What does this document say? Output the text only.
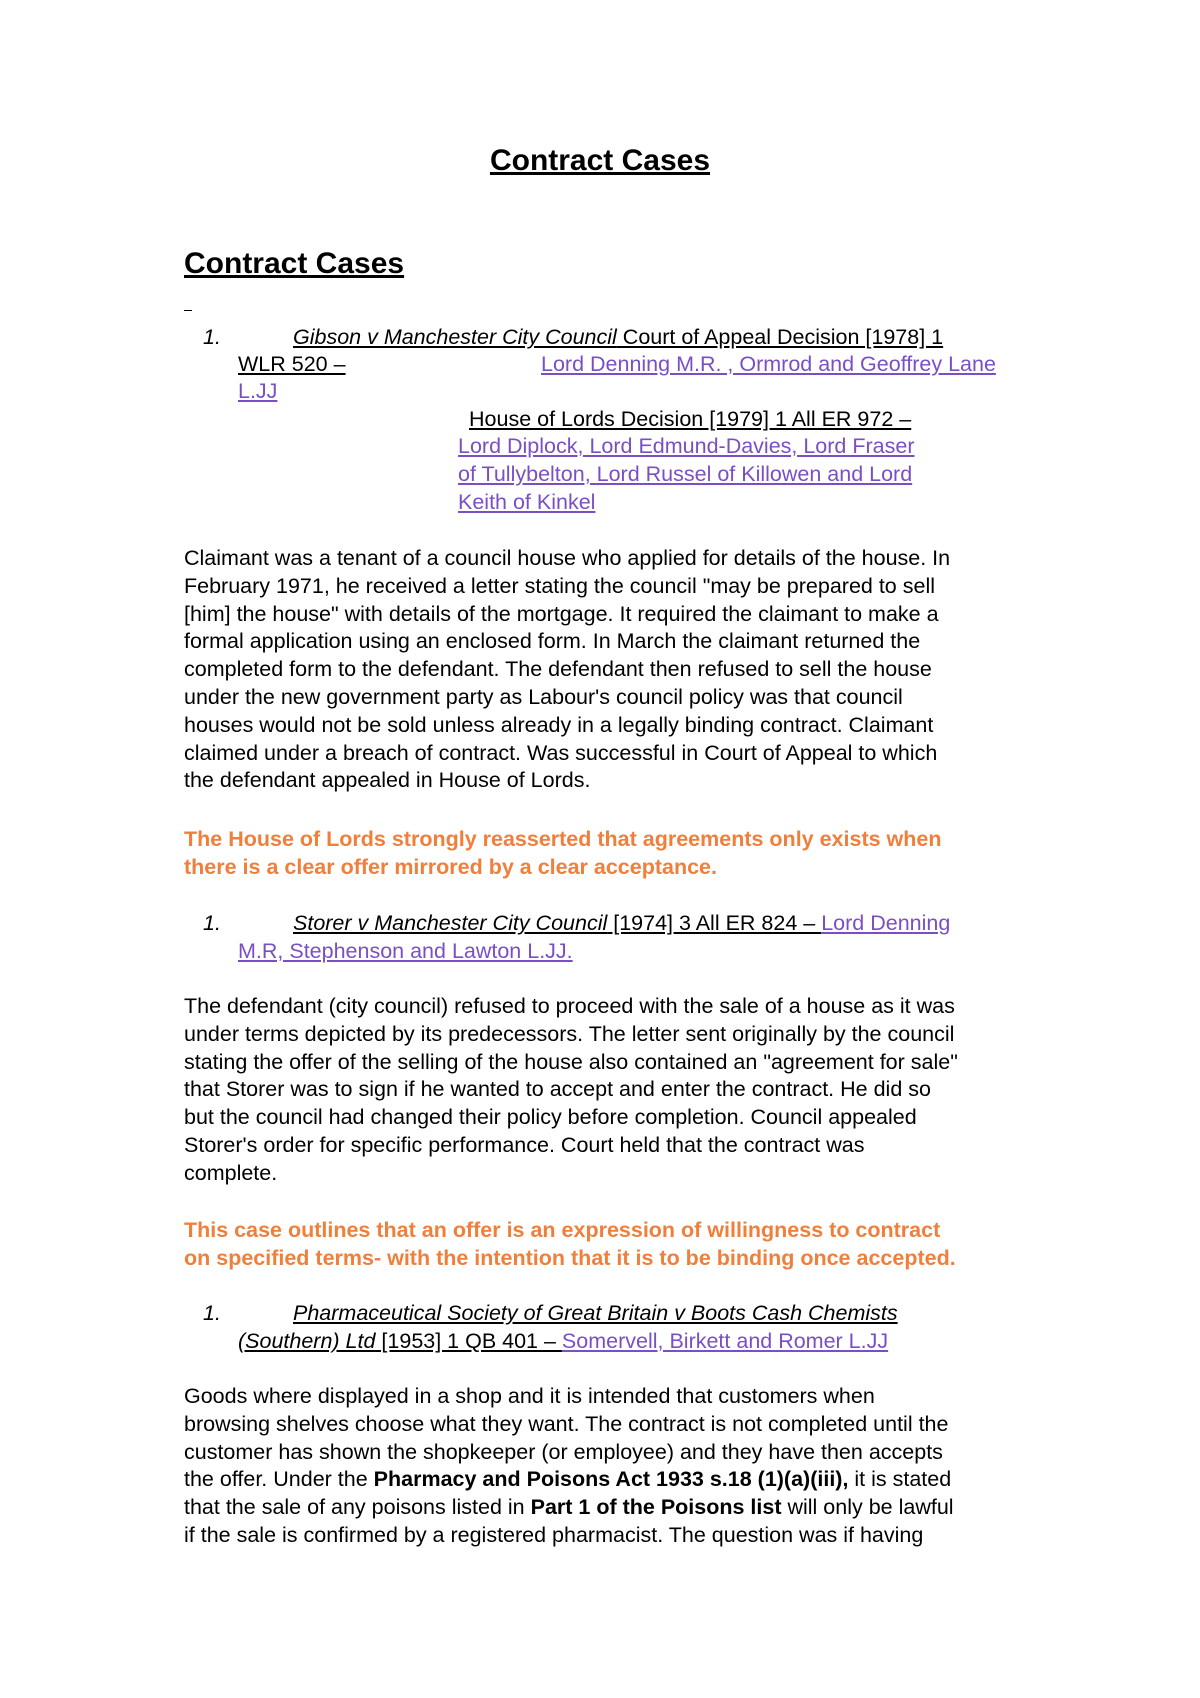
Contract Cases
Contract Cases
1.	Gibson v Manchester City Council Court of Appeal Decision [1978] 1
WLR 520 –	Lord Denning M.R. , Ormrod and Geoffrey Lane
L.JJ
House of Lords Decision [1979] 1 All ER 972 –
Lord Diplock, Lord Edmund-Davies, Lord Fraser
of Tullybelton, Lord Russel of Killowen and Lord
Keith of Kinkel
Claimant was a tenant of a council house who applied for details of the house. In
February 1971, he received a letter stating the council "may be prepared to sell
[him] the house" with details of the mortgage. It required the claimant to make a
formal application using an enclosed form. In March the claimant returned the
completed form to the defendant. The defendant then refused to sell the house
under the new government party as Labour's council policy was that council
houses would not be sold unless already in a legally binding contract. Claimant
claimed under a breach of contract. Was successful in Court of Appeal to which
the defendant appealed in House of Lords.
The House of Lords strongly reasserted that agreements only exists when
there is a clear offer mirrored by a clear acceptance.
1.	Storer v Manchester City Council [1974] 3 All ER 824 – Lord Denning
M.R, Stephenson and Lawton L.JJ.
The defendant (city council) refused to proceed with the sale of a house as it was
under terms depicted by its predecessors. The letter sent originally by the council
stating the offer of the selling of the house also contained an "agreement for sale"
that Storer was to sign if he wanted to accept and enter the contract. He did so
but the council had changed their policy before completion. Council appealed
Storer's order for specific performance. Court held that the contract was
complete.
This case outlines that an offer is an expression of willingness to contract
on specified terms- with the intention that it is to be binding once accepted.
1.	Pharmaceutical Society of Great Britain v Boots Cash Chemists
(Southern) Ltd [1953] 1 QB 401 – Somervell, Birkett and Romer L.JJ
Goods where displayed in a shop and it is intended that customers when
browsing shelves choose what they want. The contract is not completed until the
customer has shown the shopkeeper (or employee) and they have then accepts
the offer. Under the Pharmacy and Poisons Act 1933 s.18 (1)(a)(iii), it is stated
that the sale of any poisons listed in Part 1 of the Poisons list will only be lawful
if the sale is confirmed by a registered pharmacist. The question was if having
